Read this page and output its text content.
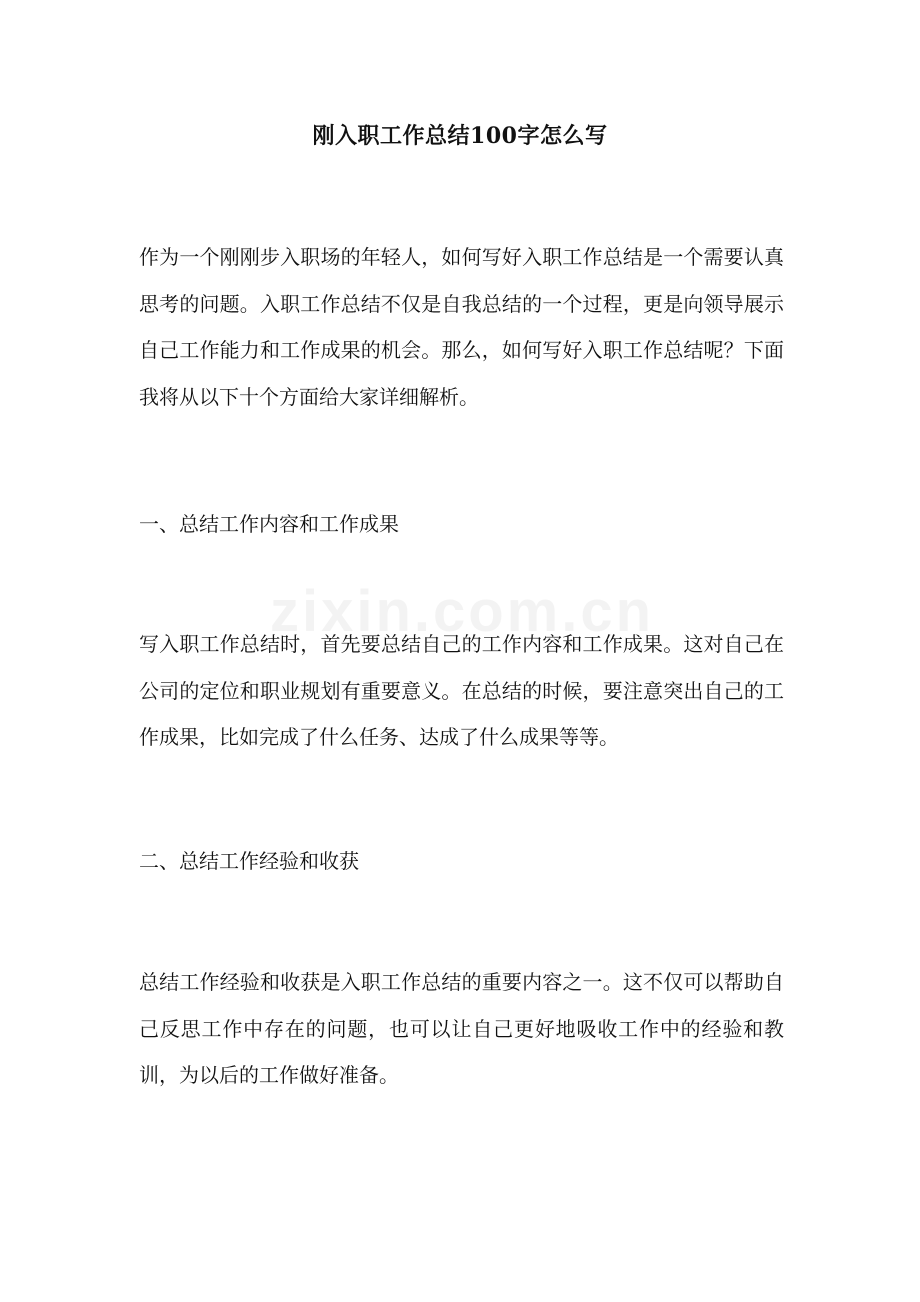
zixin.com.cn
刚入职工作总结100字怎么写

作为一个刚刚步入职场的年轻人，如何写好入职工作总结是一个需要认真思考的问题。入职工作总结不仅是自我总结的一个过程，更是向领导展示自己工作能力和工作成果的机会。那么，如何写好入职工作总结呢？下面我将从以下十个方面给大家详细解析。

一、总结工作内容和工作成果

写入职工作总结时，首先要总结自己的工作内容和工作成果。这对自己在公司的定位和职业规划有重要意义。在总结的时候，要注意突出自己的工作成果，比如完成了什么任务、达成了什么成果等等。

二、总结工作经验和收获

总结工作经验和收获是入职工作总结的重要内容之一。这不仅可以帮助自己反思工作中存在的问题，也可以让自己更好地吸收工作中的经验和教训，为以后的工作做好准备。
